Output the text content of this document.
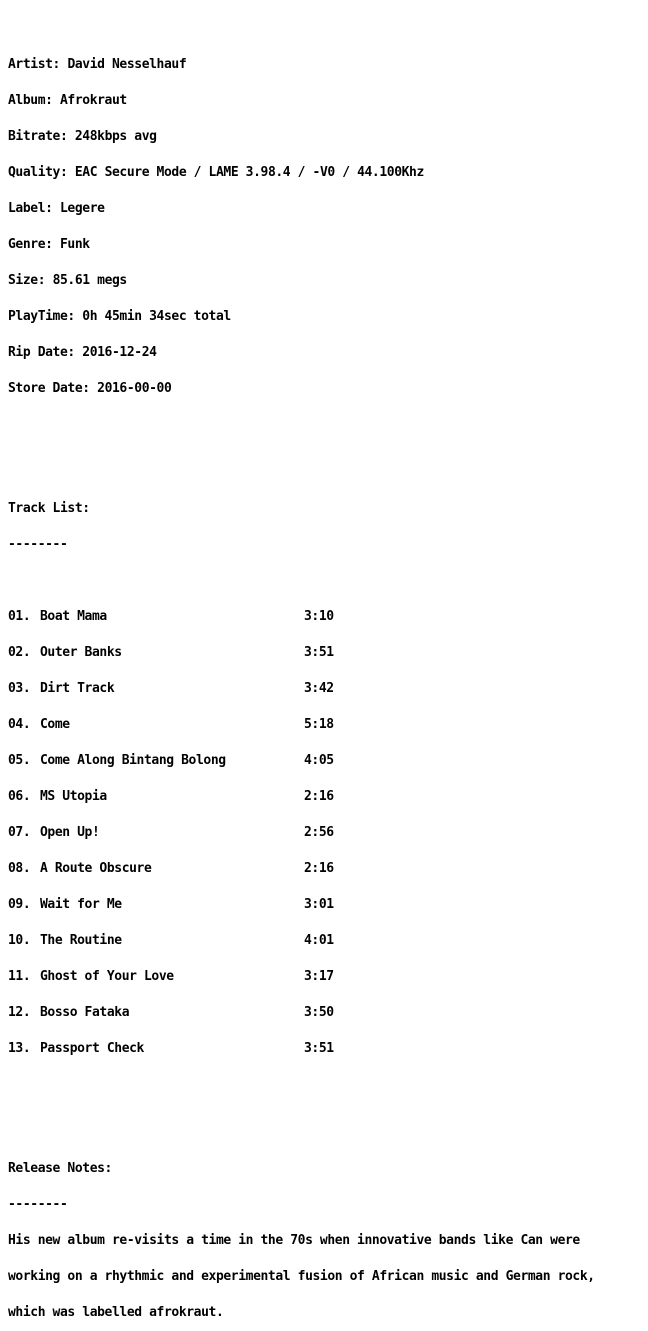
Artist: David Nesselhauf

Album: Afrokraut

Bitrate: 248kbps avg

Quality: EAC Secure Mode / LAME 3.98.4 / -V0 / 44.100Khz

Label: Legere

Genre: Funk

Size: 85.61 megs

PlayTime: 0h 45min 34sec total

Rip Date: 2016-12-24

Store Date: 2016-00-00

Track List:

--------

01. Boat Mama	3:10

02. Outer Banks	3:51

03. Dirt Track	3:42

04. Come	5:18

05. Come Along Bintang Bolong	4:05

06. MS Utopia	2:16

07. Open Up!	2:56

08. A Route Obscure	2:16

09. Wait for Me	3:01

10. The Routine	4:01

11. Ghost of Your Love	3:17

12. Bosso Fataka	3:50

13. Passport Check	3:51

Release Notes:

--------

His new album re-visits a time in the 70s when innovative bands like Can were

working on a rhythmic and experimental fusion of African music and German rock,

which was labelled afrokraut.
